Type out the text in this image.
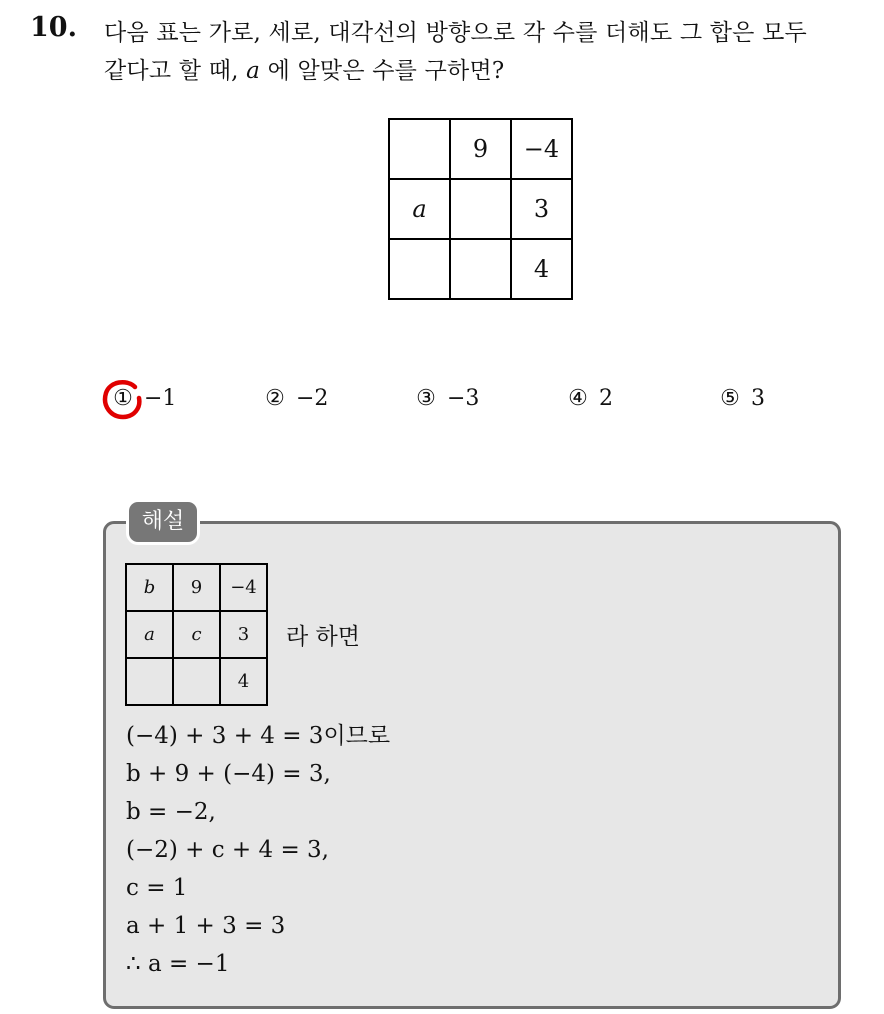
10. 다음 표는 가로, 세로, 대각선의 방향으로 각 수를 더해도 그 합은 모두
같다고 할 때, a 에 알맞은 수를 구하면?
	9	−4
a		3
		4
① −1	② −2	③ −3	④ 2	⑤ 3
해설
b	9	−4
a	c	3
		4
라 하면
(−4) + 3 + 4 = 3이므로
b + 9 + (−4) = 3,
b = −2,
(−2) + c + 4 = 3,
c = 1
a + 1 + 3 = 3
∴ a = −1
